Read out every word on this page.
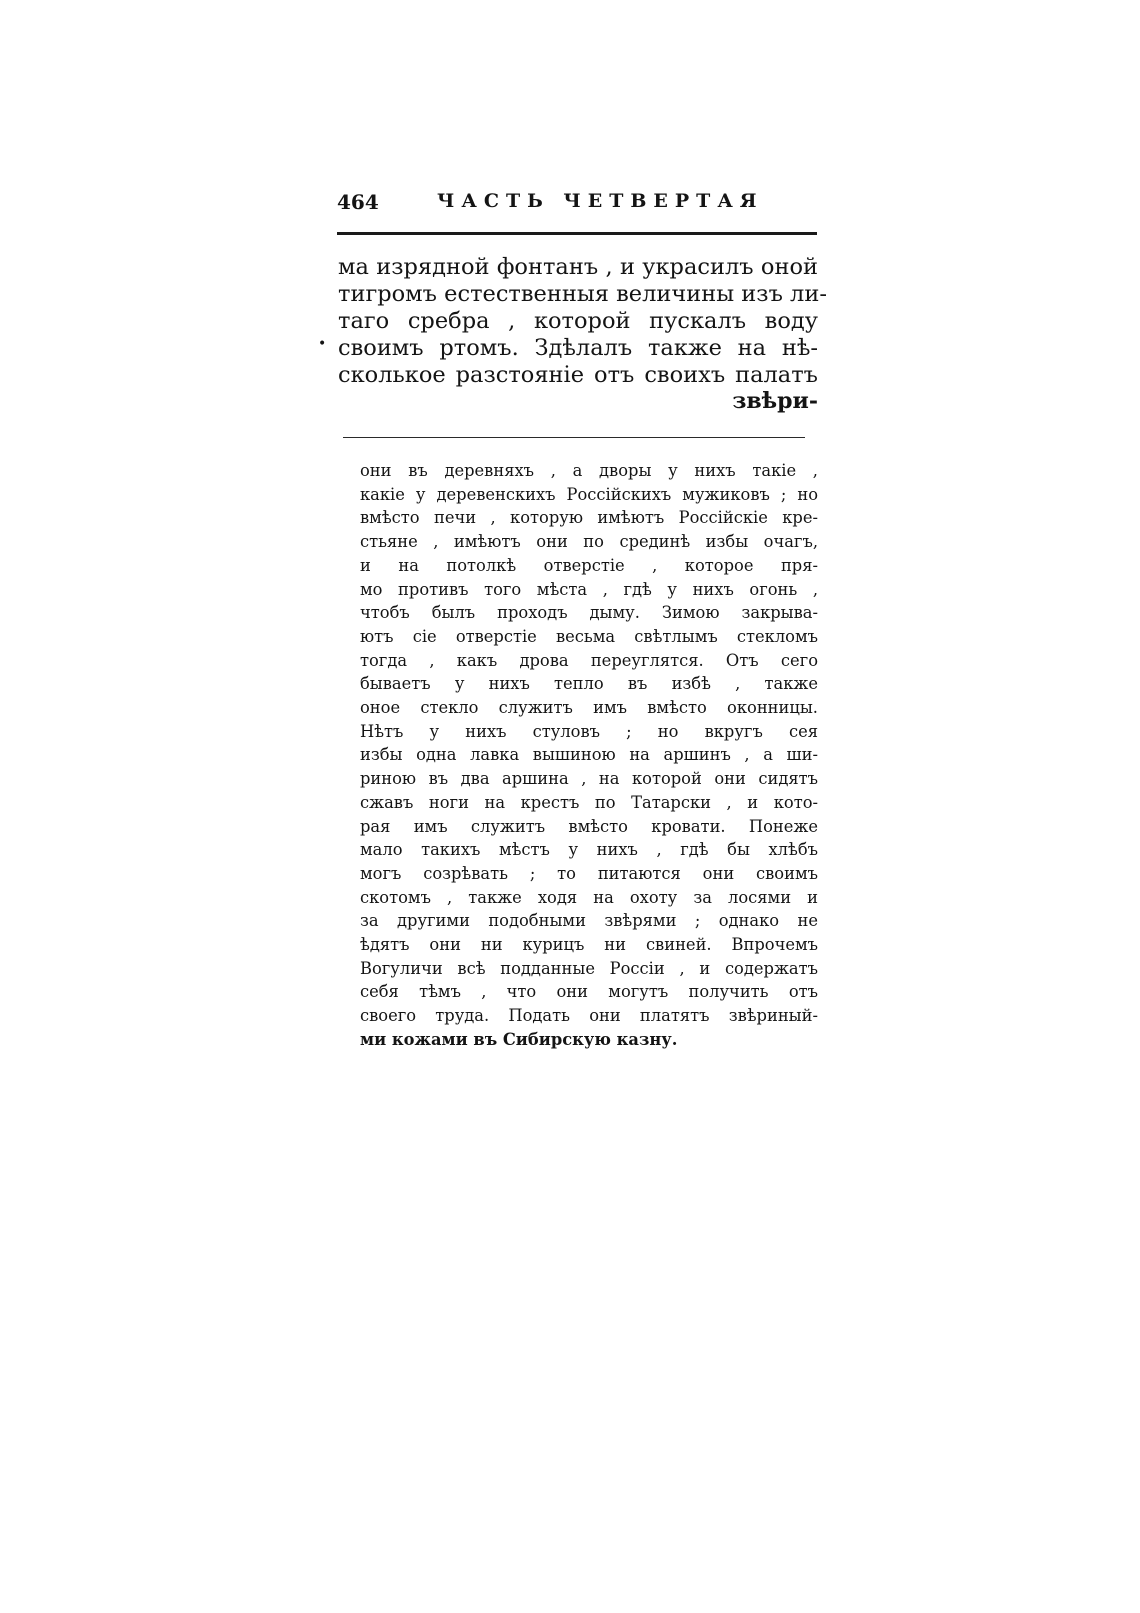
464	ЧАСТЬ ЧЕТВЕРТАЯ
•
ма изрядной фонтанъ , и украсилъ оной
тигромъ естественныя величины изъ ли-
таго сребра , которой пускалъ воду
своимъ ртомъ. Здѣлалъ также на нѣ-
сколькое разстояніе отъ своихъ палатъ
звѣри-
они въ деревняхъ , а дворы у нихъ такіе ,
какіе у деревенскихъ Россійскихъ мужиковъ ; но
вмѣсто печи , которую имѣютъ Россійскіе кре-
стьяне , имѣютъ они по срединѣ избы очагъ,
и на потолкѣ отверстіе , которое пря-
мо противъ того мѣста , гдѣ у нихъ огонь ,
чтобъ былъ проходъ дыму. Зимою закрыва-
ютъ сіе отверстіе весьма свѣтлымъ стекломъ
тогда , какъ дрова переуглятся. Отъ сего
бываетъ у нихъ тепло въ избѣ , также
оное стекло служитъ имъ вмѣсто оконницы.
Нѣтъ у нихъ стуловъ ; но вкругъ сея
избы одна лавка вышиною на аршинъ , а ши-
риною въ два аршина , на которой они сидятъ
сжавъ ноги на крестъ по Татарски , и кото-
рая имъ служитъ вмѣсто кровати. Понеже
мало такихъ мѣстъ у нихъ , гдѣ бы хлѣбъ
могъ созрѣвать ; то питаются они своимъ
скотомъ , также ходя на охоту за лосями и
за другими подобными звѣрями ; однако не
ѣдятъ они ни курицъ ни свиней. Впрочемъ
Вогуличи всѣ подданные Россіи , и содержатъ
себя тѣмъ , что они могутъ получить отъ
своего труда. Подать они платятъ звѣриный-
ми кожами въ Сибирскую казну.
